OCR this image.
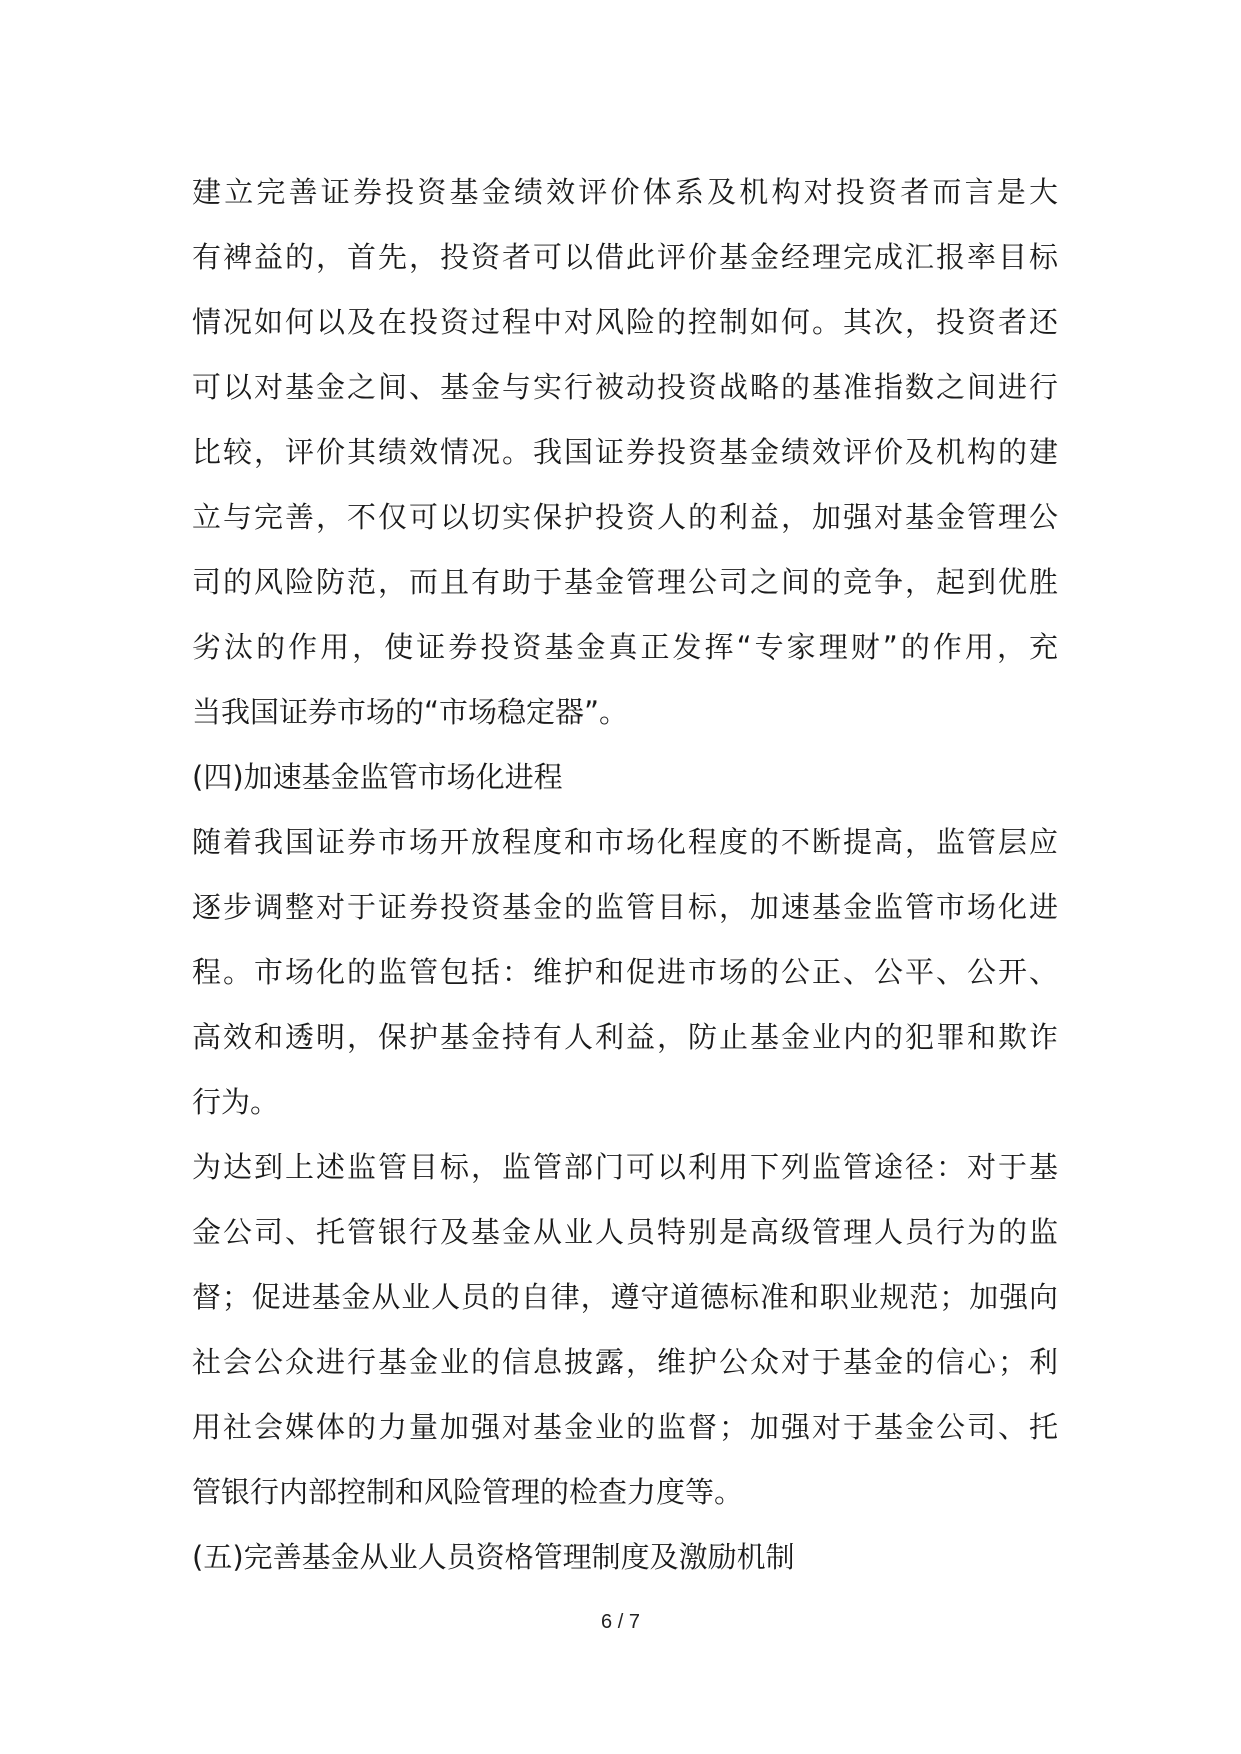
建立完善证券投资基金绩效评价体系及机构对投资者而言是大
有裨益的，首先，投资者可以借此评价基金经理完成汇报率目标
情况如何以及在投资过程中对风险的控制如何。其次，投资者还
可以对基金之间、基金与实行被动投资战略的基准指数之间进行
比较，评价其绩效情况。我国证券投资基金绩效评价及机构的建
立与完善，不仅可以切实保护投资人的利益，加强对基金管理公
司的风险防范，而且有助于基金管理公司之间的竞争，起到优胜
劣汰的作用，使证券投资基金真正发挥“专家理财”的作用，充
当我国证券市场的“市场稳定器”。
(四)加速基金监管市场化进程
随着我国证券市场开放程度和市场化程度的不断提高，监管层应
逐步调整对于证券投资基金的监管目标，加速基金监管市场化进
程。市场化的监管包括：维护和促进市场的公正、公平、公开、
高效和透明，保护基金持有人利益，防止基金业内的犯罪和欺诈
行为。
为达到上述监管目标，监管部门可以利用下列监管途径：对于基
金公司、托管银行及基金从业人员特别是高级管理人员行为的监
督；促进基金从业人员的自律，遵守道德标准和职业规范；加强向
社会公众进行基金业的信息披露，维护公众对于基金的信心；利
用社会媒体的力量加强对基金业的监督；加强对于基金公司、托
管银行内部控制和风险管理的检查力度等。
(五)完善基金从业人员资格管理制度及激励机制
6 / 7
